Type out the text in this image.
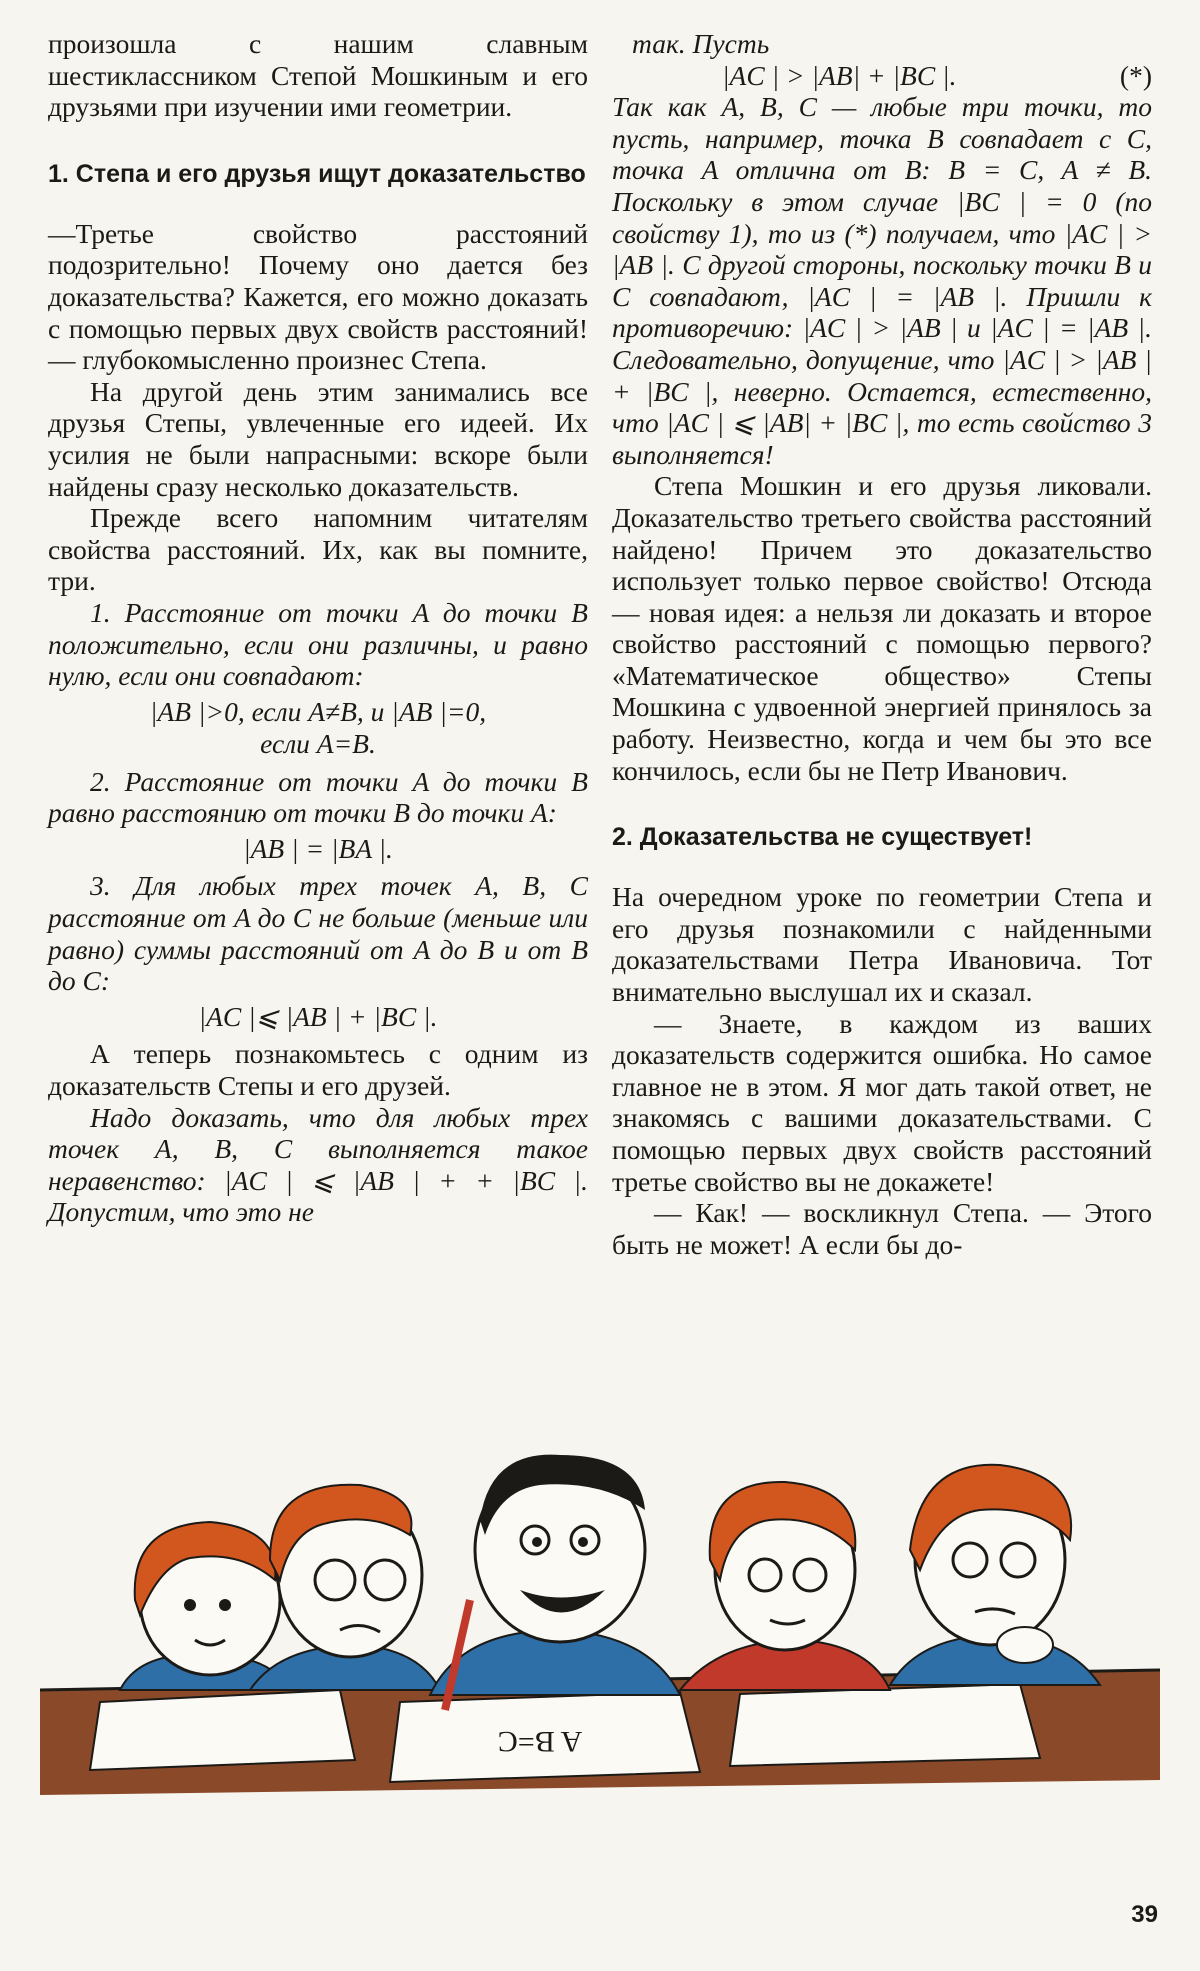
произошла с нашим славным шестиклассником Степой Мошкиным и его друзьями при изучении ими геометрии.

1. Степа и его друзья ищут доказательство

—Третье свойство расстояний подозрительно! Почему оно дается без доказательства? Кажется, его можно доказать с помощью первых двух свойств расстояний! — глубокомысленно произнес Степа.

На другой день этим занимались все друзья Степы, увлеченные его идеей. Их усилия не были напрасными: вскоре были найдены сразу несколько доказательств.

Прежде всего напомним читателям свойства расстояний. Их, как вы помните, три.

1. Расстояние от точки A до точки B положительно, если они различны, и равно нулю, если они совпадают:

|AB |>0, если A≠B, и |AB |=0,
если A=B.

2. Расстояние от точки A до точки B равно расстоянию от точки B до точки A:

|AB | = |BA |.

3. Для любых трех точек A, B, C расстояние от A до C не больше (меньше или равно) суммы расстояний от A до B и от B до C:

|AC |⩽ |AB | + |BC |.

А теперь познакомьтесь с одним из доказательств Степы и его друзей.

Надо доказать, что для любых трех точек A, B, C выполняется такое неравенство: |AC | ⩽ |AB | + + |BC |. Допустим, что это не

так. Пусть

|AC | > |AB| + |BC |.	(*)

Так как A, B, C — любые три точки, то пусть, например, точка B совпадает с C, точка A отлична от B: B = C, A ≠ B. Поскольку в этом случае |BC | = 0 (по свойству 1), то из (*) получаем, что |AC | > |AB |. С другой стороны, поскольку точки B и C совпадают, |AC | = |AB |. Пришли к противоречию: |AC | > |AB | и |AC | = |AB |. Следовательно, допущение, что |AC | > |AB | + |BC |, неверно. Остается, естественно, что |AC | ⩽ |AB| + |BC |, то есть свойство 3 выполняется!

Степа Мошкин и его друзья ликовали. Доказательство третьего свойства расстояний найдено! Причем это доказательство использует только первое свойство! Отсюда — новая идея: а нельзя ли доказать и второе свойство расстояний с помощью первого? «Математическое общество» Степы Мошкина с удвоенной энергией принялось за работу. Неизвестно, когда и чем бы это все кончилось, если бы не Петр Иванович.

2. Доказательства не существует!

На очередном уроке по геометрии Степа и его друзья познакомили с найденными доказательствами Петра Ивановича. Тот внимательно выслушал их и сказал.

— Знаете, в каждом из ваших доказательств содержится ошибка. Но самое главное не в этом. Я мог дать такой ответ, не знакомясь с вашими доказательствами. С помощью первых двух свойств расстояний третье свойство вы не докажете!

— Как! — воскликнул Степа. — Этого быть не может! А если бы до-

A B=C
39
